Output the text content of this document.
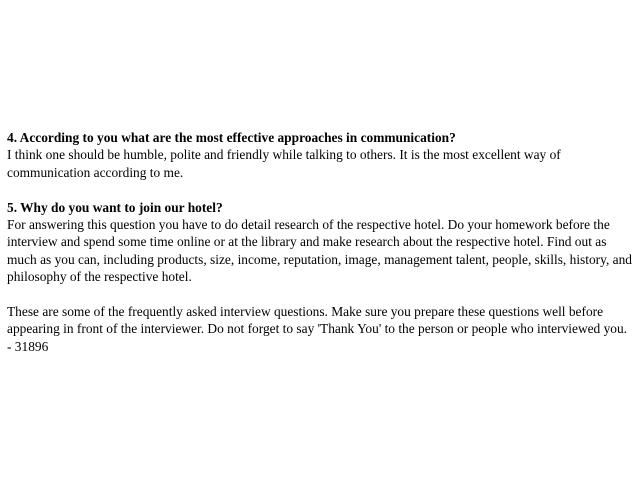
4. According to you what are the most effective approaches in communication?
I think one should be humble, polite and friendly while talking to others. It is the most excellent way of communication according to me.
5. Why do you want to join our hotel?
For answering this question you have to do detail research of the respective hotel. Do your homework before the interview and spend some time online or at the library and make research about the respective hotel. Find out as much as you can, including products, size, income, reputation, image, management talent, people, skills, history, and philosophy of the respective hotel.
These are some of the frequently asked interview questions. Make sure you prepare these questions well before appearing in front of the interviewer. Do not forget to say 'Thank You' to the person or people who interviewed you. - 31896
